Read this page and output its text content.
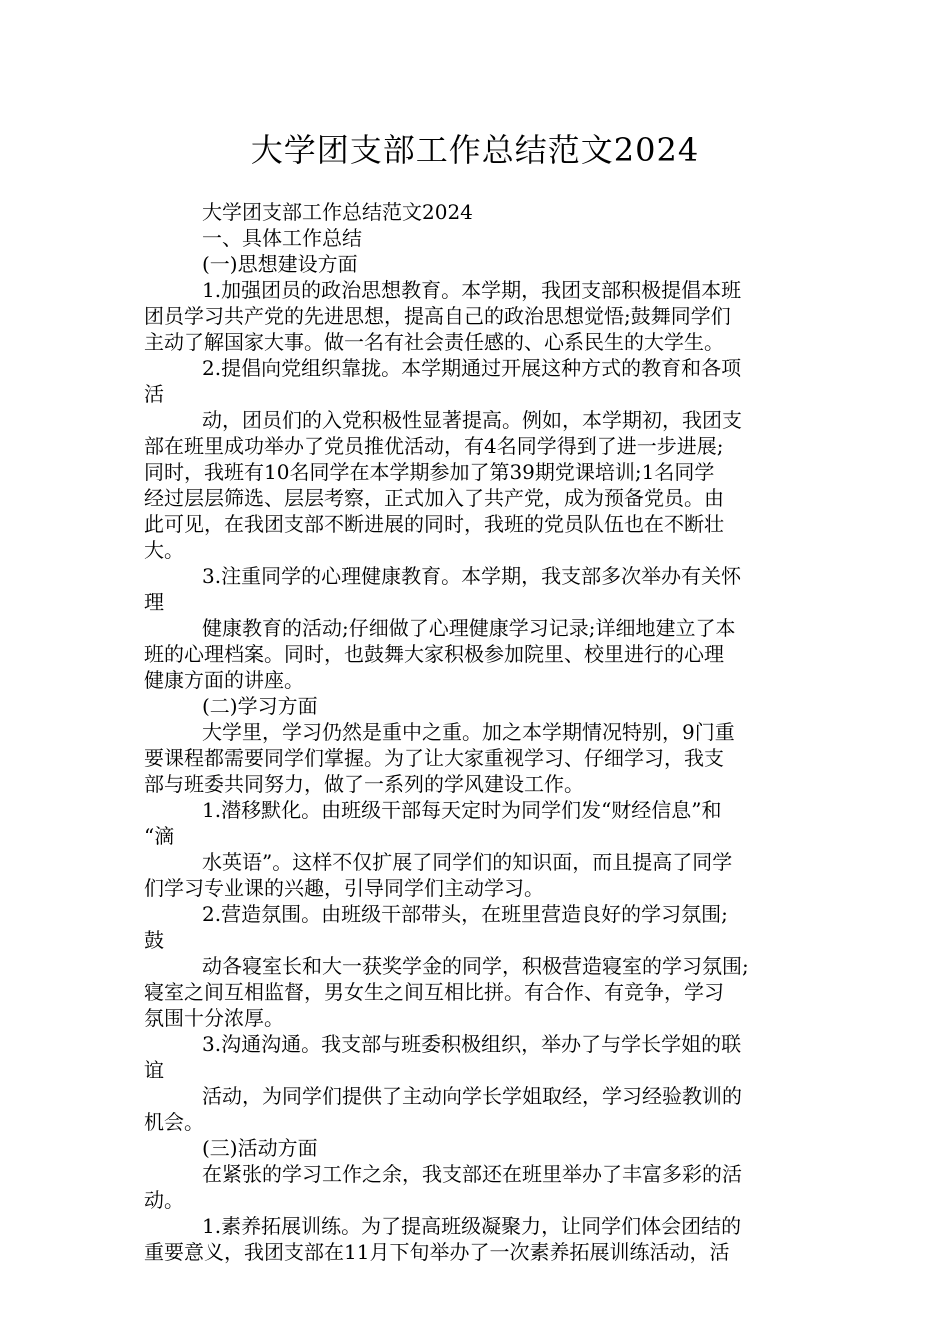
大学团支部工作总结范文2024
大学团支部工作总结范文2024
一、具体工作总结
(一)思想建设方面
1.加强团员的政治思想教育。本学期，我团支部积极提倡本班
团员学习共产党的先进思想，提高自己的政治思想觉悟;鼓舞同学们
主动了解国家大事。做一名有社会责任感的、心系民生的大学生。
2.提倡向党组织靠拢。本学期通过开展这种方式的教育和各项
活
动，团员们的入党积极性显著提高。例如，本学期初，我团支
部在班里成功举办了党员推优活动，有4名同学得到了进一步进展;
同时，我班有10名同学在本学期参加了第39期党课培训;1名同学
经过层层筛选、层层考察，正式加入了共产党，成为预备党员。由
此可见，在我团支部不断进展的同时，我班的党员队伍也在不断壮
大。
3.注重同学的心理健康教育。本学期，我支部多次举办有关怀
理
健康教育的活动;仔细做了心理健康学习记录;详细地建立了本
班的心理档案。同时，也鼓舞大家积极参加院里、校里进行的心理
健康方面的讲座。
(二)学习方面
大学里，学习仍然是重中之重。加之本学期情况特别，9门重
要课程都需要同学们掌握。为了让大家重视学习、仔细学习，我支
部与班委共同努力，做了一系列的学风建设工作。
1.潜移默化。由班级干部每天定时为同学们发“财经信息”和
“滴
水英语”。这样不仅扩展了同学们的知识面，而且提高了同学
们学习专业课的兴趣，引导同学们主动学习。
2.营造氛围。由班级干部带头，在班里营造良好的学习氛围;
鼓
动各寝室长和大一获奖学金的同学，积极营造寝室的学习氛围;
寝室之间互相监督，男女生之间互相比拼。有合作、有竞争，学习
氛围十分浓厚。
3.沟通沟通。我支部与班委积极组织，举办了与学长学姐的联
谊
活动，为同学们提供了主动向学长学姐取经，学习经验教训的
机会。
(三)活动方面
在紧张的学习工作之余，我支部还在班里举办了丰富多彩的活
动。
1.素养拓展训练。为了提高班级凝聚力，让同学们体会团结的
重要意义，我团支部在11月下旬举办了一次素养拓展训练活动，活
